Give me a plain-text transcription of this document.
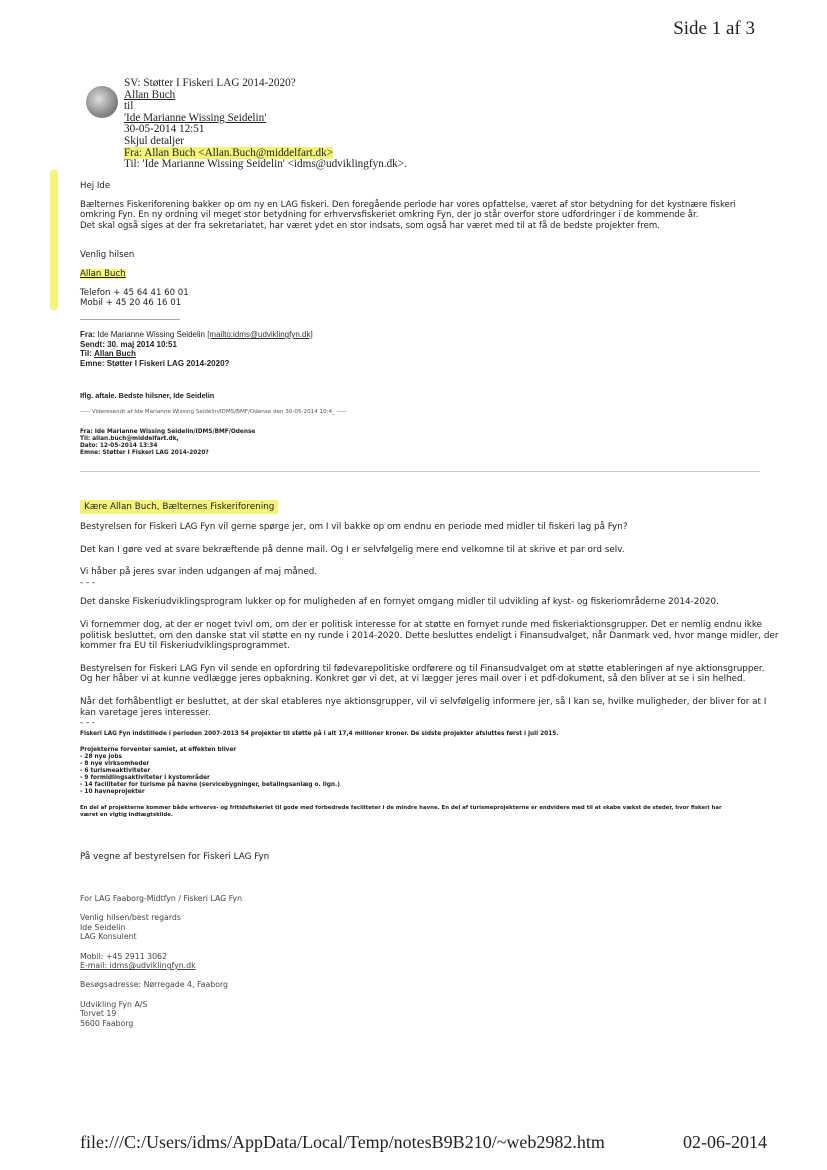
Side 1 af 3
SV: Støtter I Fiskeri LAG 2014-2020?
Allan Buch
til
'Ide Marianne Wissing Seidelin'
30-05-2014 12:51
Skjul detaljer
Fra: Allan Buch <Allan.Buch@middelfart.dk>
Til: 'Ide Marianne Wissing Seidelin' <idms@udviklingfyn.dk>.

Hej Ide

Bælternes Fiskeriforening bakker op om ny en LAG fiskeri. Den foregående periode har vores opfattelse, været af stor betydning for det kystnære fiskeri

omkring Fyn. En ny ordning vil meget stor betydning for erhvervsfiskeriet omkring Fyn, der jo står overfor store udfordringer i de kommende år.

Det skal også siges at der fra sekretariatet, har været ydet en stor indsats, som også har været med til at få de bedste projekter frem.

Venlig hilsen

Allan Buch

Telefon + 45 64 41 60 01

Mobil + 45 20 46 16 01

Fra: Ide Marianne Wissing Seidelin [mailto:idms@udviklingfyn.dk]

Sendt: 30. maj 2014 10:51

Til: Allan Buch

Emne: Støtter I Fiskeri LAG 2014-2020?

Iflg. aftale. Bedste hilsner, Ide Seidelin
----- Videresendt af Ide Marianne Wissing Seidelin/IDMS/BMF/Odense den 30-05-2014 10:4_ -----

Fra: Ide Marianne Wissing Seidelin/IDMS/BMF/Odense

Til: allan.buch@middelfart.dk,

Dato: 12-05-2014 13:34

Emne: Støtter I Fiskeri LAG 2014-2020?

Kære Allan Buch, Bælternes Fiskeriforening

Bestyrelsen for Fiskeri LAG Fyn vil gerne spørge jer, om I vil bakke op om endnu en periode med midler til fiskeri lag på Fyn?

Det kan I gøre ved at svare bekræftende på denne mail. Og I er selvfølgelig mere end velkomne til at skrive et par ord selv.

Vi håber på jeres svar inden udgangen af maj måned.

- - -

Det danske Fiskeriudviklingsprogram lukker op for muligheden af en fornyet omgang midler til udvikling af kyst- og fiskeriområderne 2014-2020.

Vi fornemmer dog, at der er noget tvivl om, om der er politisk interesse for at støtte en fornyet runde med fiskeriaktionsgrupper. Det er nemlig endnu ikke

politisk besluttet, om den danske stat vil støtte en ny runde i 2014-2020. Dette besluttes endeligt i Finansudvalget, når Danmark ved, hvor mange midler, der

kommer fra EU til Fiskeriudviklingsprogrammet.

Bestyrelsen for Fiskeri LAG Fyn vil sende en opfordring til fødevarepolitiske ordførere og til Finansudvalget om at støtte etableringen af nye aktionsgrupper.

Og her håber vi at kunne vedlægge jeres opbakning. Konkret gør vi det, at vi lægger jeres mail over i et pdf-dokument, så den bliver at se i sin helhed.

Når det forhåbentligt er besluttet, at der skal etableres nye aktionsgrupper, vil vi selvfølgelig informere jer, så I kan se, hvilke muligheder, der bliver for at I

kan varetage jeres interesser.

- - -

Fiskeri LAG Fyn indstillede i perioden 2007-2013 54 projekter til støtte på i alt 17,4 millioner kroner. De sidste projekter afsluttes først i juli 2015.

Projekterne forventer samlet, at effekten bliver

- 28 nye jobs

- 8 nye virksomheder

- 6 turismeaktiviteter

- 9 formidlingsaktiviteter i kystområder

- 14 faciliteter for turisme på havne (servicebygninger, betalingsanlæg o. lign.)

- 10 havneprojekter

En del af projekterne kommer både erhvervs- og fritidsfiskeriet til gode med forbedrede faciliteter i de mindre havne. En del af turismeprojekterne er endvidere med til at skabe vækst de steder, hvor fiskeri har

været en vigtig indtægtskilde.

På vegne af bestyrelsen for Fiskeri LAG Fyn

For LAG Faaborg-Midtfyn / Fiskeri LAG Fyn

Venlig hilsen/best regards

Ide Seidelin

LAG Konsulent

Mobil: +45 2911 3062

E-mail: idms@udviklingfyn.dk

Besøgsadresse: Nørregade 4, Faaborg

Udvikling Fyn A/S

Torvet 19

5600 Faaborg

file:///C:/Users/idms/AppData/Local/Temp/notesB9B210/~web2982.htm	02-06-2014
